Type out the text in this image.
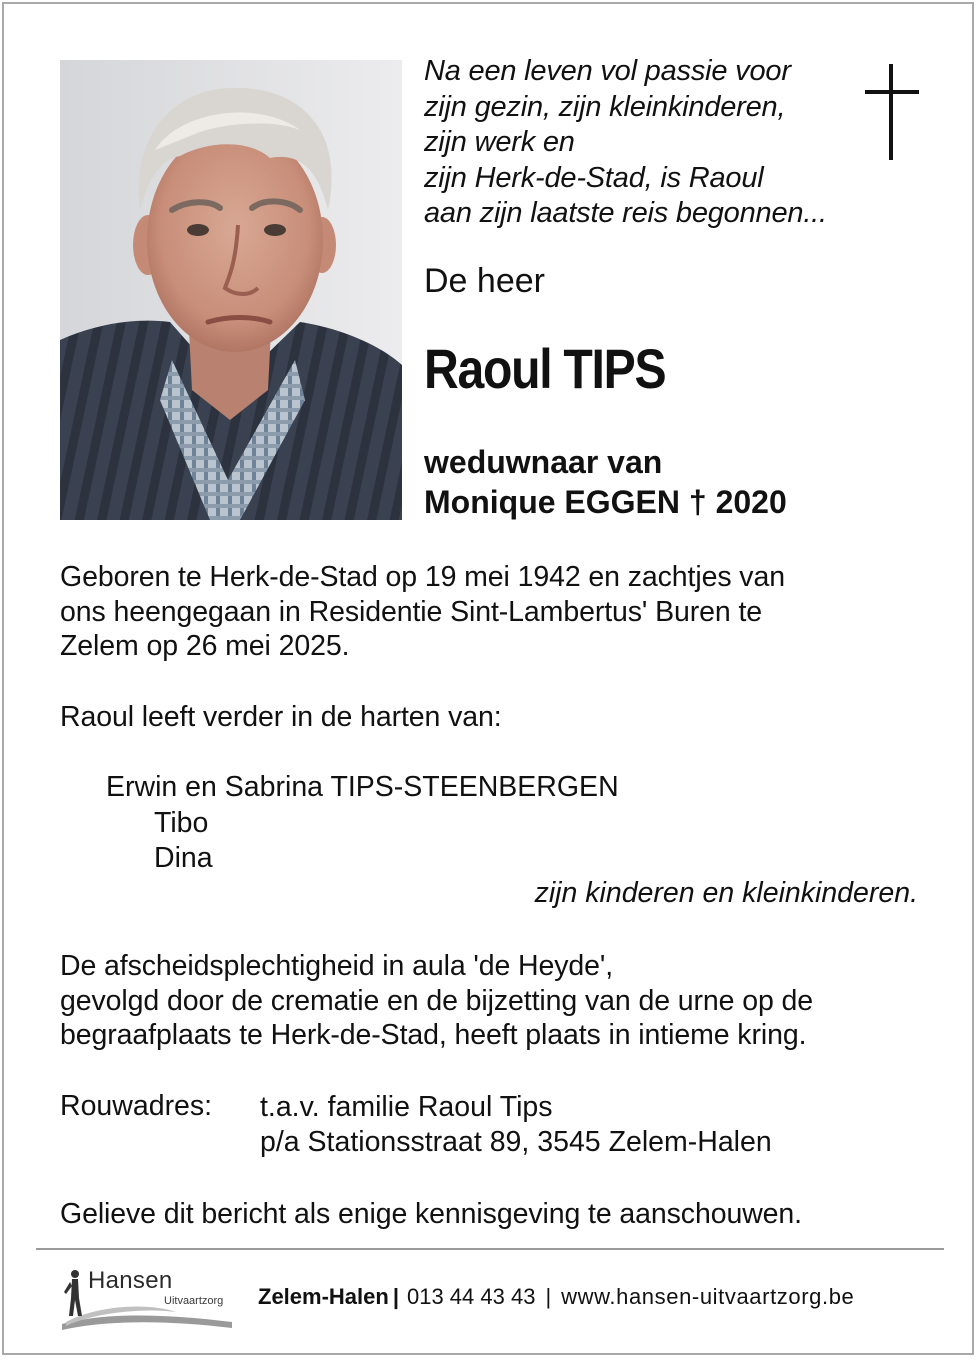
Na een leven vol passie voor
zijn gezin, zijn kleinkinderen,
zijn werk en
zijn Herk-de-Stad, is Raoul
aan zijn laatste reis begonnen...
De heer
Raoul TIPS
weduwnaar van
Monique EGGEN † 2020
Geboren te Herk-de-Stad op 19 mei 1942 en zachtjes van
ons heengegaan in Residentie Sint-Lambertus' Buren te
Zelem op 26 mei 2025.
Raoul leeft verder in de harten van:
Erwin en Sabrina TIPS-STEENBERGEN
Tibo
Dina
zijn kinderen en kleinkinderen.
De afscheidsplechtigheid in aula 'de Heyde',
gevolgd door de crematie en de bijzetting van de urne op de
begraafplaats te Herk-de-Stad, heeft plaats in intieme kring.
Rouwadres: t.a.v. familie Raoul Tips
p/a Stationsstraat 89, 3545 Zelem-Halen
Gelieve dit bericht als enige kennisgeving te aanschouwen.
Hansen
Uitvaartzorg Zelem-Halen | 013 44 43 43 | www.hansen-uitvaartzorg.be
